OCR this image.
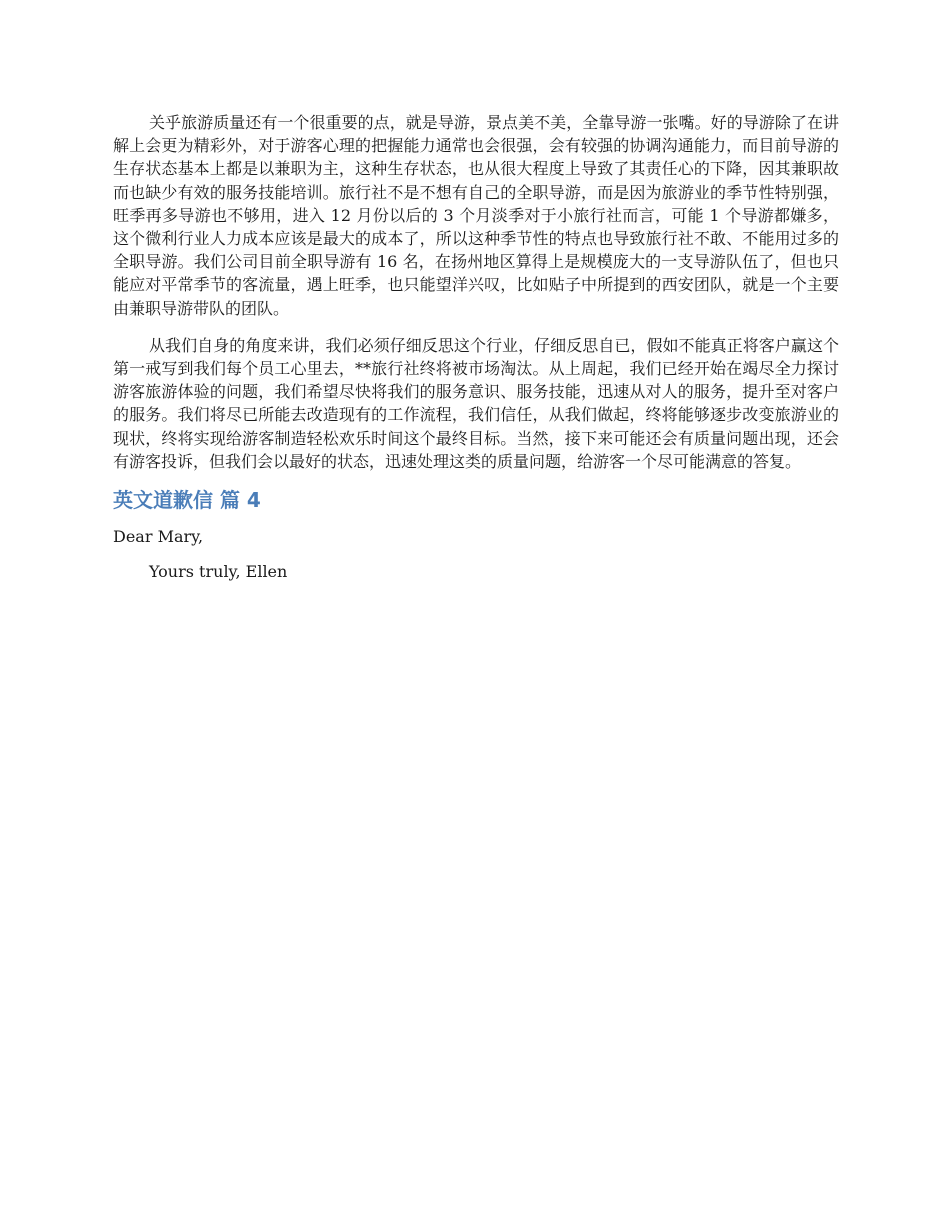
关乎旅游质量还有一个很重要的点，就是导游，景点美不美，全靠导游一张嘴。好的导游除了在讲解上会更为精彩外，对于游客心理的把握能力通常也会很强，会有较强的协调沟通能力，而目前导游的生存状态基本上都是以兼职为主，这种生存状态，也从很大程度上导致了其责任心的下降，因其兼职故而也缺少有效的服务技能培训。旅行社不是不想有自己的全职导游，而是因为旅游业的季节性特别强，旺季再多导游也不够用，进入 12 月份以后的 3 个月淡季对于小旅行社而言，可能 1 个导游都嫌多，这个微利行业人力成本应该是最大的成本了，所以这种季节性的特点也导致旅行社不敢、不能用过多的全职导游。我们公司目前全职导游有 16 名，在扬州地区算得上是规模庞大的一支导游队伍了，但也只能应对平常季节的客流量，遇上旺季，也只能望洋兴叹，比如贴子中所提到的西安团队，就是一个主要由兼职导游带队的团队。

从我们自身的角度来讲，我们必须仔细反思这个行业，仔细反思自已，假如不能真正将客户赢这个第一戒写到我们每个员工心里去，**旅行社终将被市场淘汰。从上周起，我们已经开始在竭尽全力探讨游客旅游体验的问题，我们希望尽快将我们的服务意识、服务技能，迅速从对人的服务，提升至对客户的服务。我们将尽已所能去改造现有的工作流程，我们信任，从我们做起，终将能够逐步改变旅游业的现状，终将实现给游客制造轻松欢乐时间这个最终目标。当然，接下来可能还会有质量问题出现，还会有游客投诉，但我们会以最好的状态，迅速处理这类的质量问题，给游客一个尽可能满意的答复。

英文道歉信 篇 4

Dear Mary,

Yours truly, Ellen
